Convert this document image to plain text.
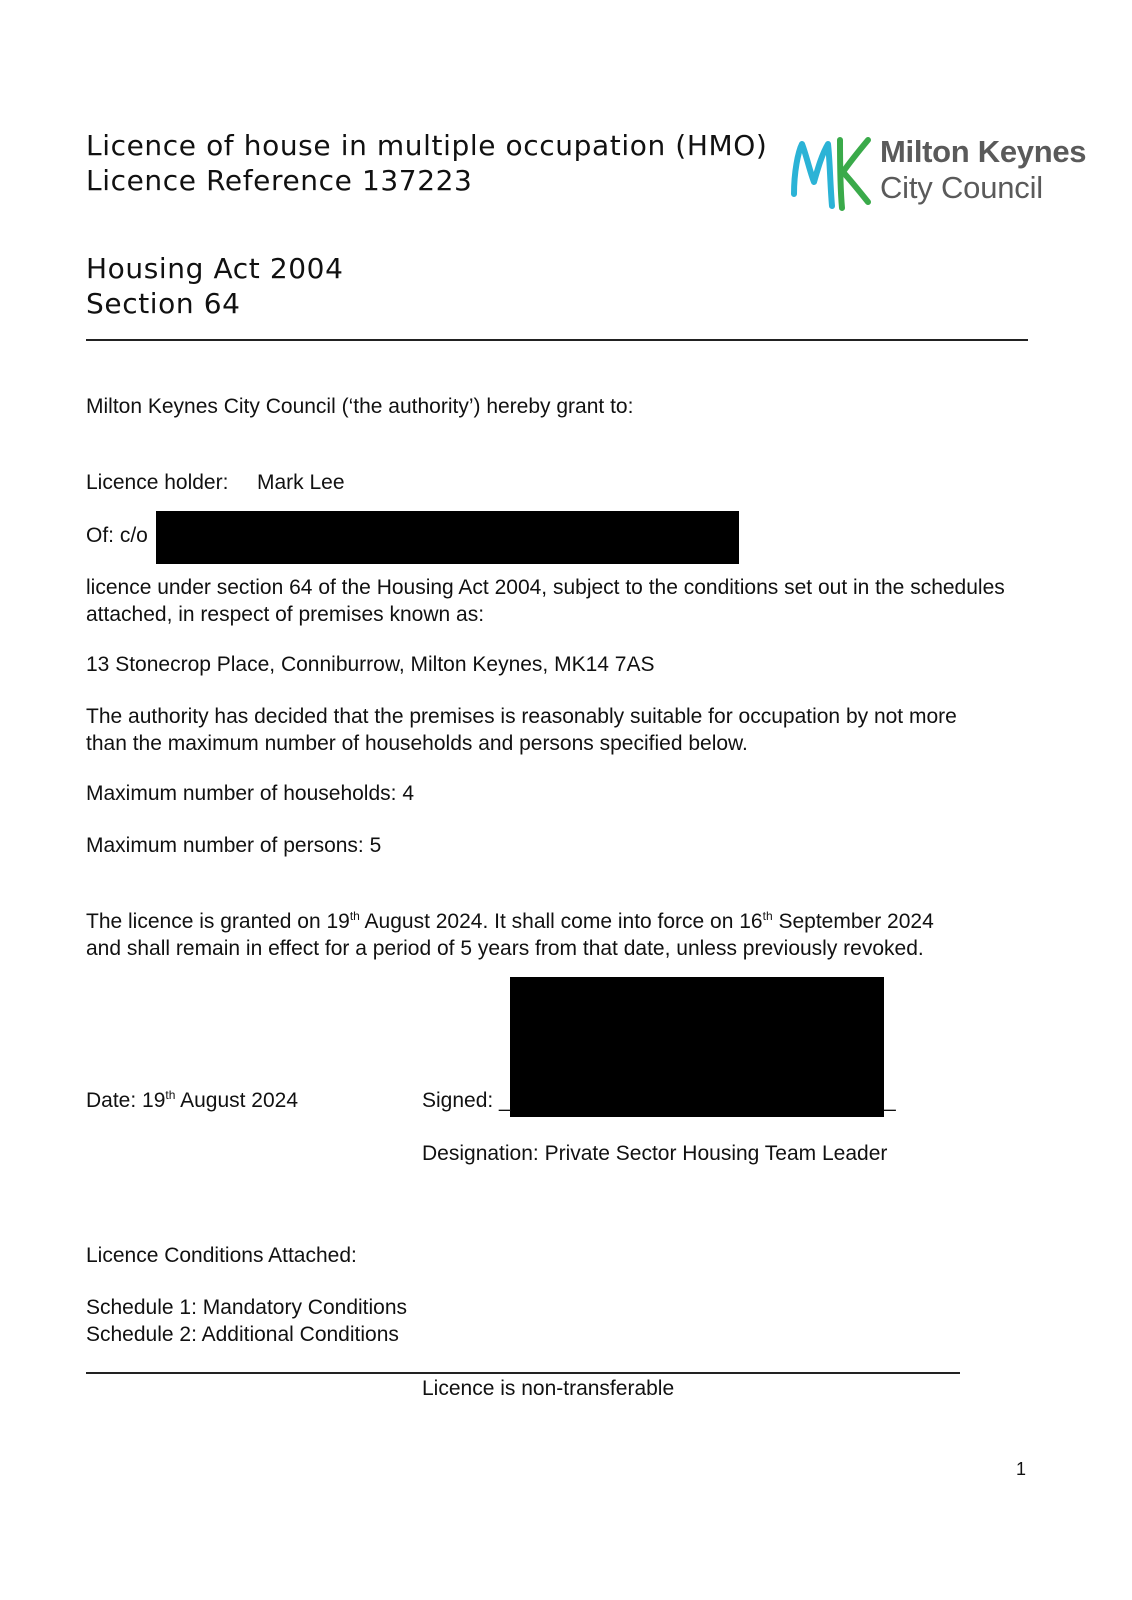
Licence of house in multiple occupation (HMO)
Licence Reference 137223
Housing Act 2004
Section 64
Milton Keynes
City Council
Milton Keynes City Council (‘the authority’) hereby grant to:
Licence holder: Mark Lee
Of: c/o
licence under section 64 of the Housing Act 2004, subject to the conditions set out in the schedules
attached, in respect of premises known as:
13 Stonecrop Place, Conniburrow, Milton Keynes, MK14 7AS
The authority has decided that the premises is reasonably suitable for occupation by not more
than the maximum number of households and persons specified below.
Maximum number of households: 4
Maximum number of persons: 5
The licence is granted on 19th August 2024. It shall come into force on 16th September 2024
and shall remain in effect for a period of 5 years from that date, unless previously revoked.
Date: 19th August 2024	Signed: _	_
Designation: Private Sector Housing Team Leader
Licence Conditions Attached:
Schedule 1: Mandatory Conditions
Schedule 2: Additional Conditions
Licence is non-transferable
1
